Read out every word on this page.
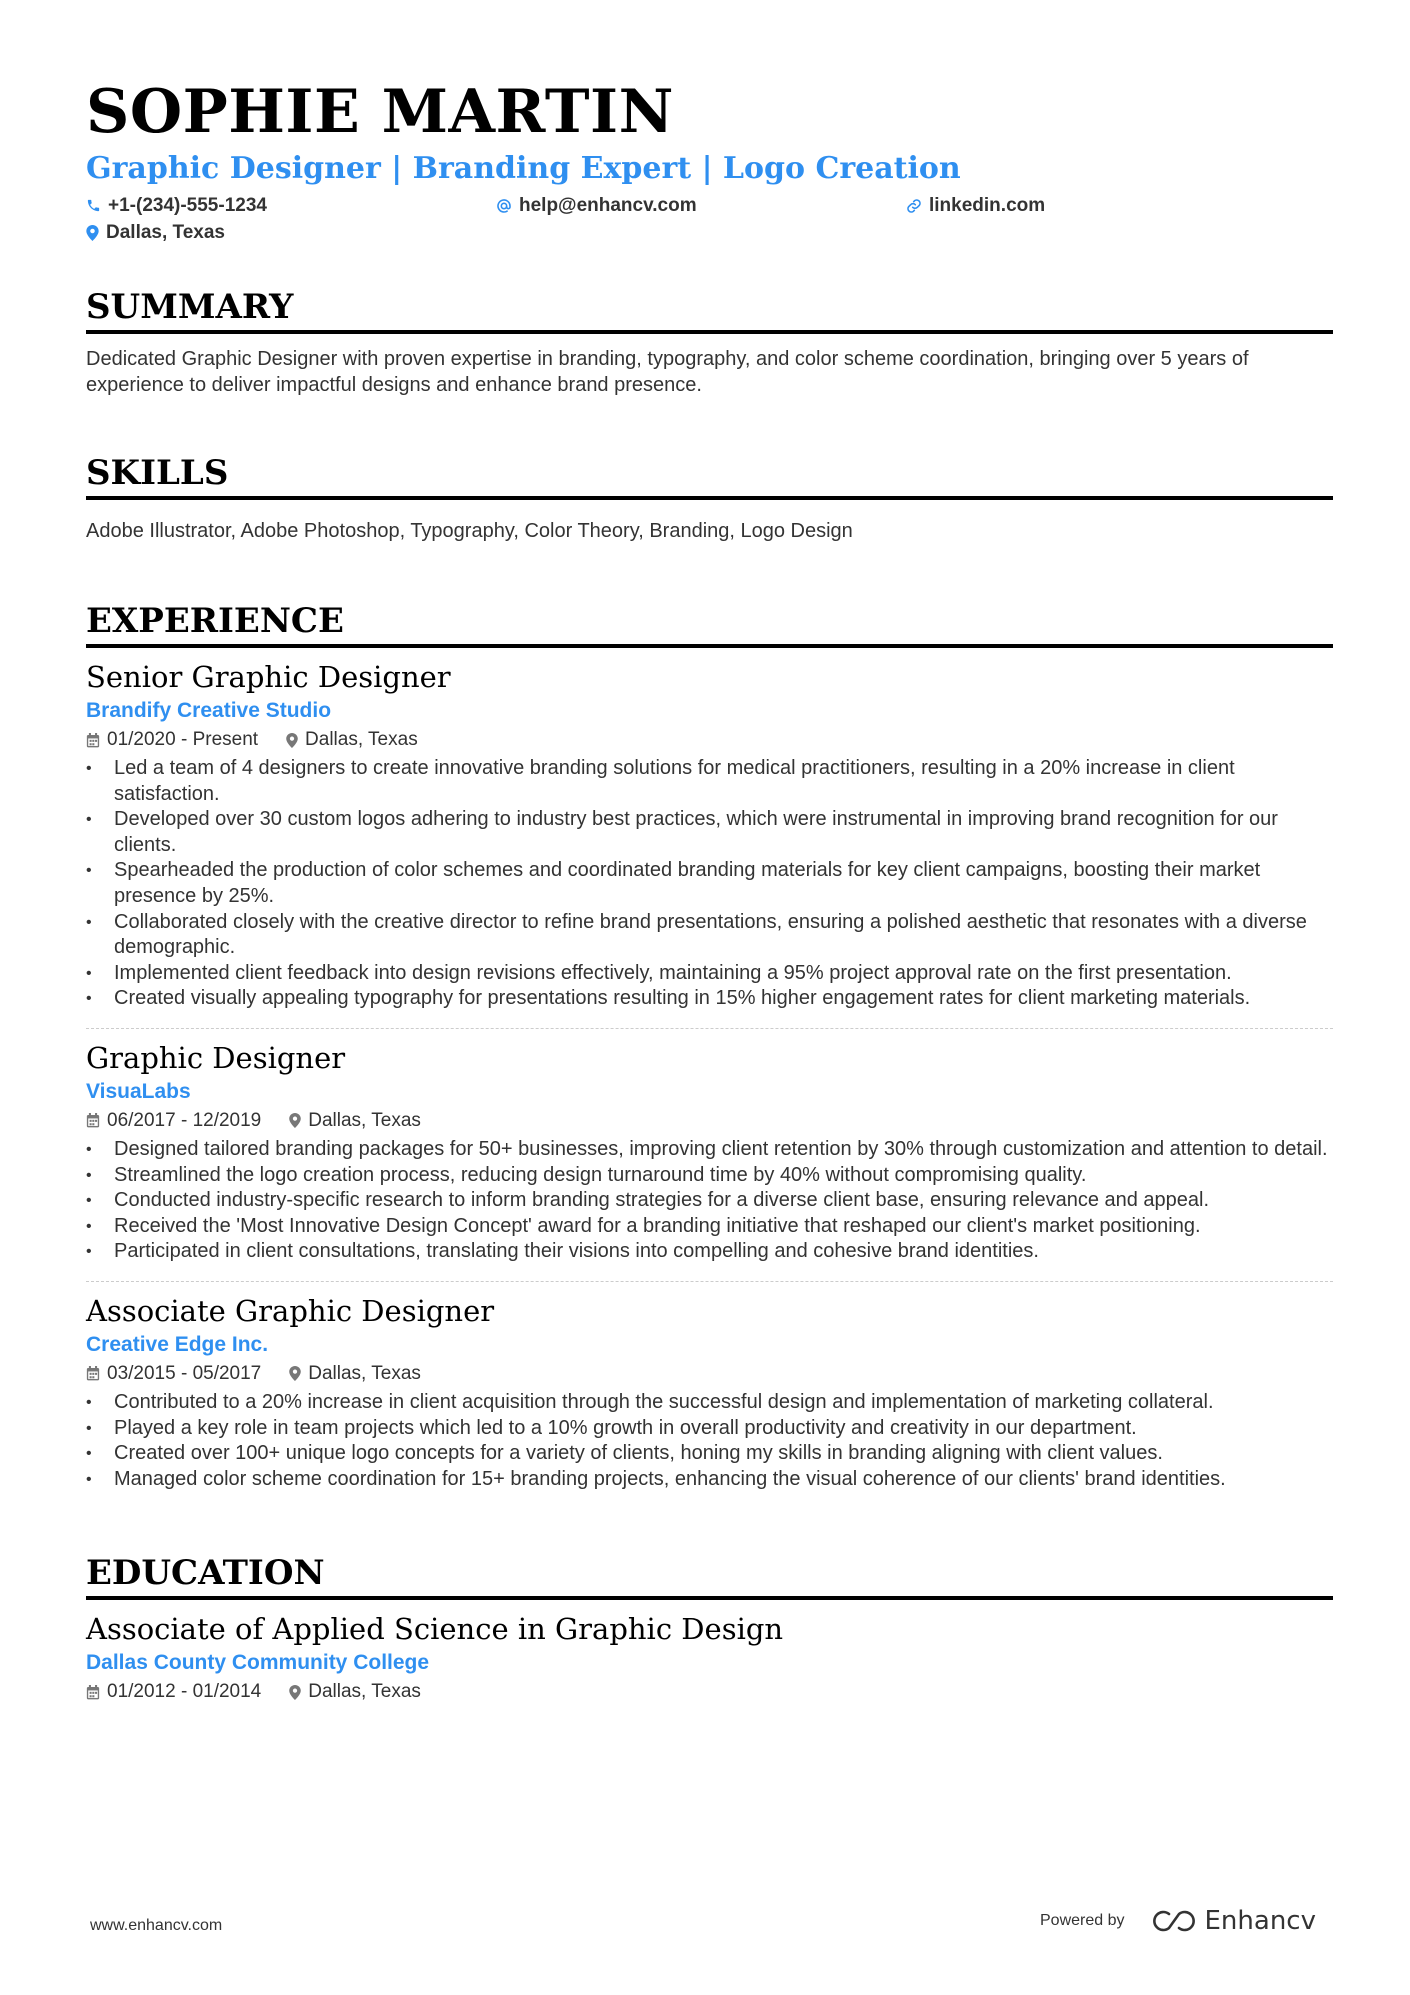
SOPHIE MARTIN
Graphic Designer | Branding Expert | Logo Creation
+1-(234)-555-1234	help@enhancv.com	linkedin.com
Dallas, Texas
SUMMARY
Dedicated Graphic Designer with proven expertise in branding, typography, and color scheme coordination, bringing over 5 years of experience to deliver impactful designs and enhance brand presence.
SKILLS
Adobe Illustrator, Adobe Photoshop, Typography, Color Theory, Branding, Logo Design
EXPERIENCE
Senior Graphic Designer
Brandify Creative Studio
01/2020 - Present Dallas, Texas
• Led a team of 4 designers to create innovative branding solutions for medical practitioners, resulting in a 20% increase in client satisfaction.
• Developed over 30 custom logos adhering to industry best practices, which were instrumental in improving brand recognition for our clients.
• Spearheaded the production of color schemes and coordinated branding materials for key client campaigns, boosting their market presence by 25%.
• Collaborated closely with the creative director to refine brand presentations, ensuring a polished aesthetic that resonates with a diverse demographic.
• Implemented client feedback into design revisions effectively, maintaining a 95% project approval rate on the first presentation.
• Created visually appealing typography for presentations resulting in 15% higher engagement rates for client marketing materials.
Graphic Designer
VisuaLabs
06/2017 - 12/2019 Dallas, Texas
• Designed tailored branding packages for 50+ businesses, improving client retention by 30% through customization and attention to detail.
• Streamlined the logo creation process, reducing design turnaround time by 40% without compromising quality.
• Conducted industry-specific research to inform branding strategies for a diverse client base, ensuring relevance and appeal.
• Received the 'Most Innovative Design Concept' award for a branding initiative that reshaped our client's market positioning.
• Participated in client consultations, translating their visions into compelling and cohesive brand identities.
Associate Graphic Designer
Creative Edge Inc.
03/2015 - 05/2017 Dallas, Texas
• Contributed to a 20% increase in client acquisition through the successful design and implementation of marketing collateral.
• Played a key role in team projects which led to a 10% growth in overall productivity and creativity in our department.
• Created over 100+ unique logo concepts for a variety of clients, honing my skills in branding aligning with client values.
• Managed color scheme coordination for 15+ branding projects, enhancing the visual coherence of our clients' brand identities.
EDUCATION
Associate of Applied Science in Graphic Design
Dallas County Community College
01/2012 - 01/2014 Dallas, Texas
www.enhancv.com	Powered by	Enhancv
